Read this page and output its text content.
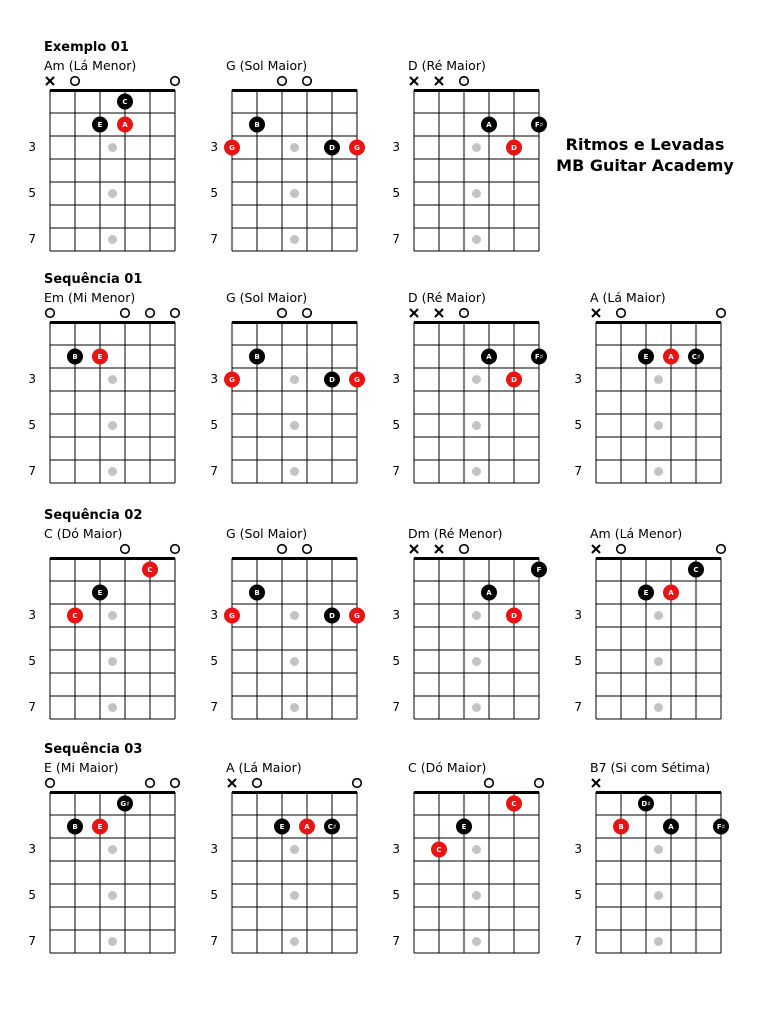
Ritmos e Levadas
MB Guitar Academy
Exemplo 01
Am (Lá Menor)
3
5
7
C
E	A
G (Sol Maior)
3
5
7
B
G	D	G
D (Ré Maior)
3
5
7
A	F♯
D
Sequência 01
Em (Mi Menor)
3
5
7
B	E
G (Sol Maior)
3
5
7
B
G	D	G
D (Ré Maior)
3
5
7
A	F♯
D
A (Lá Maior)
3
5
7
E	A	C♯
Sequência 02
C (Dó Maior)
3
5
7
C
E
C
G (Sol Maior)
3
5
7
B
G	D	G
Dm (Ré Menor)
3
5
7
F
A
D
Am (Lá Menor)
3
5
7
C
E	A
Sequência 03
E (Mi Maior)
3
5
7
G♯
B	E
A (Lá Maior)
3
5
7
E	A	C♯
C (Dó Maior)
3
5
7
C
E
C
B7 (Si com Sétima)
3
5
7
D♯
B	A	F♯
